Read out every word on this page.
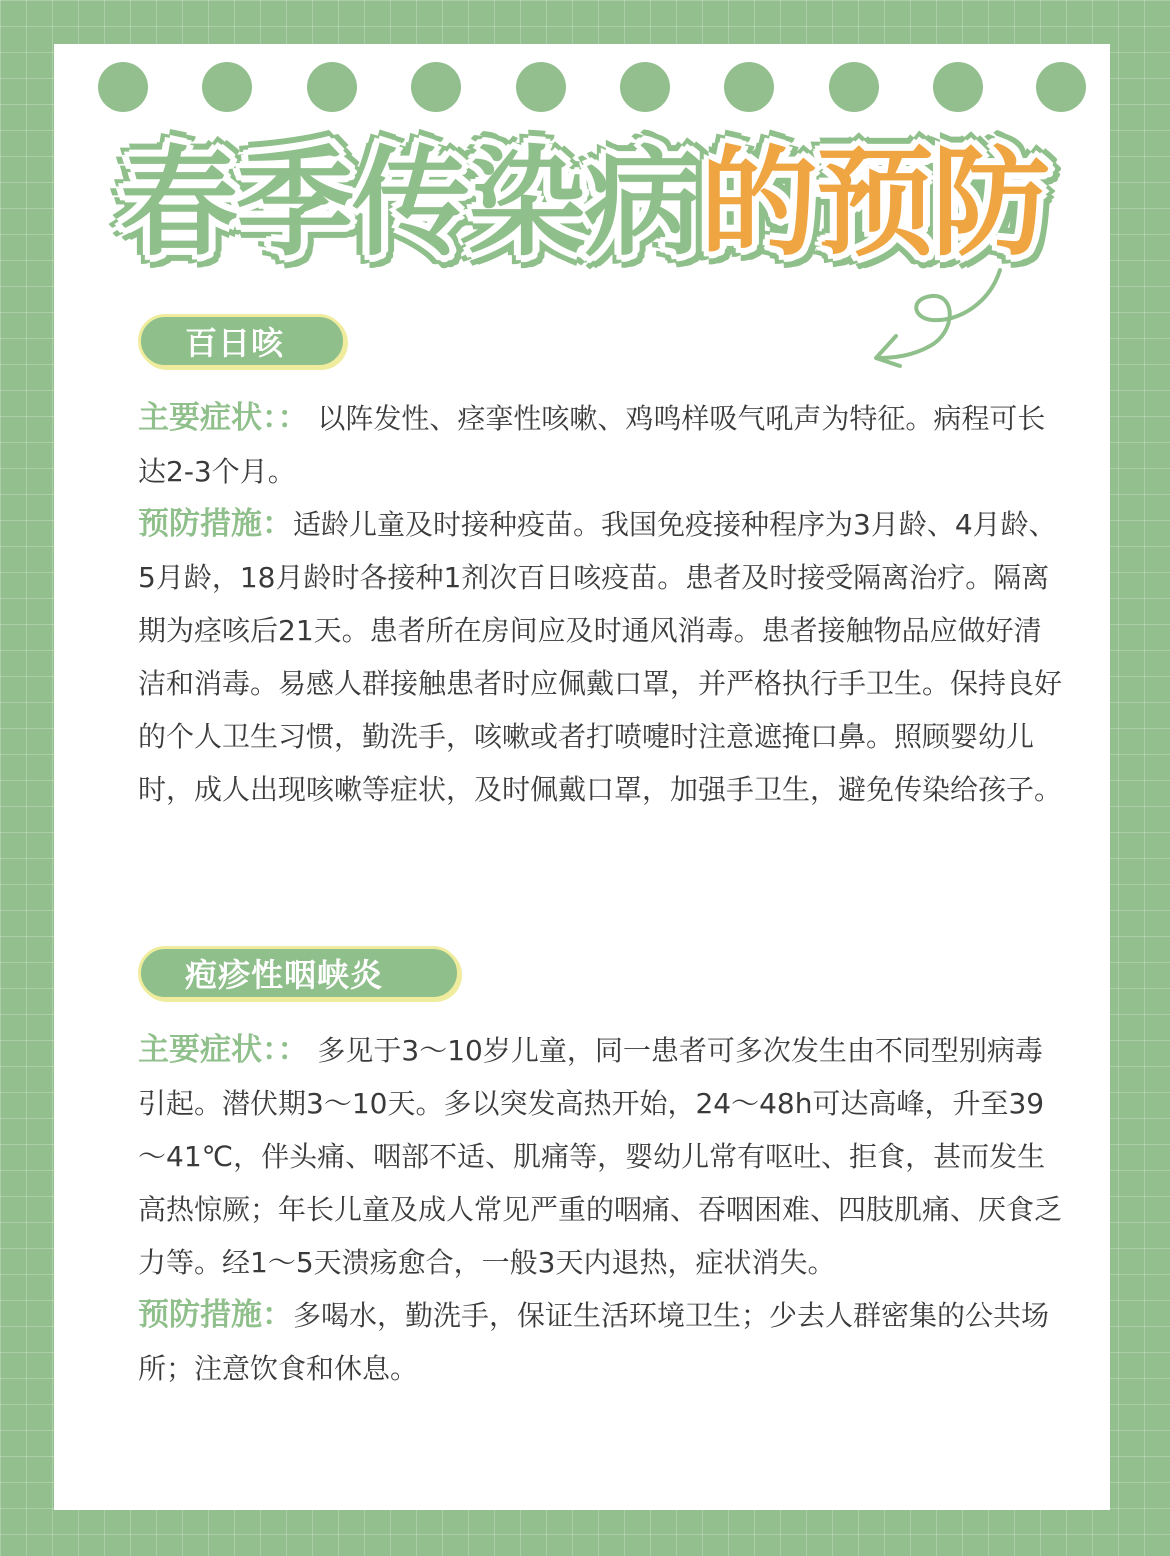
春季传染病 的预防
百日咳

主要症状：： 以阵发性、痉挛性咳嗽、鸡鸣样吸气吼声为特征。病程可长达2-3个月。

预防措施：适龄儿童及时接种疫苗。我国免疫接种程序为3月龄、4月龄、5月龄，18月龄时各接种1剂次百日咳疫苗。患者及时接受隔离治疗。隔离期为痉咳后21天。患者所在房间应及时通风消毒。患者接触物品应做好清洁和消毒。易感人群接触患者时应佩戴口罩，并严格执行手卫生。保持良好的个人卫生习惯，勤洗手，咳嗽或者打喷嚏时注意遮掩口鼻。照顾婴幼儿时，成人出现咳嗽等症状，及时佩戴口罩，加强手卫生，避免传染给孩子。

疱疹性咽峡炎

主要症状：： 多见于3～10岁儿童，同一患者可多次发生由不同型别病毒引起。潜伏期3～10天。多以突发高热开始，24～48h可达高峰，升至39～41℃，伴头痛、咽部不适、肌痛等，婴幼儿常有呕吐、拒食，甚而发生高热惊厥；年长儿童及成人常见严重的咽痛、吞咽困难、四肢肌痛、厌食乏力等。经1～5天溃疡愈合，一般3天内退热，症状消失。

预防措施：多喝水，勤洗手，保证生活环境卫生；少去人群密集的公共场所；注意饮食和休息。
